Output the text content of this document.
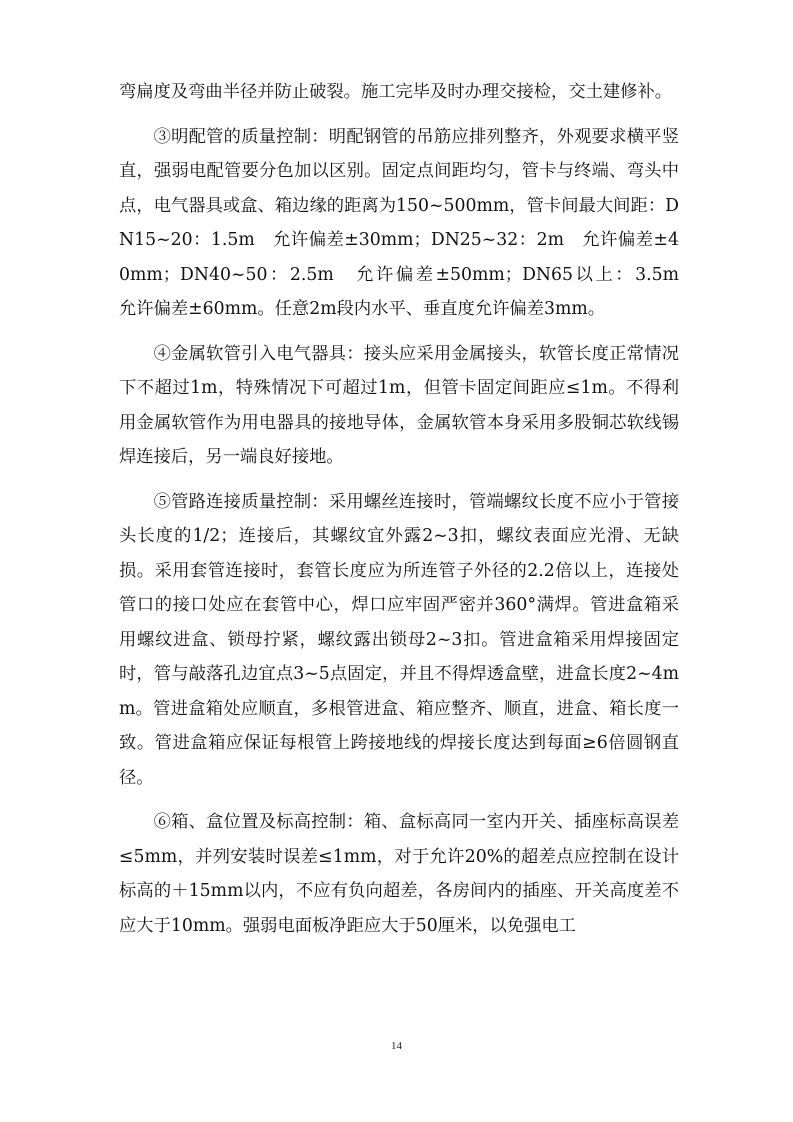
弯扁度及弯曲半径并防止破裂。施工完毕及时办理交接检，交土建修补。

③明配管的质量控制：明配钢管的吊筋应排列整齐，外观要求横平竖直，强弱电配管要分色加以区别。固定点间距均匀，管卡与终端、弯头中点，电气器具或盒、箱边缘的距离为150~500mm，管卡间最大间距：DN15~20：1.5m　允许偏差±30mm；DN25~32：2m　允许偏差±40mm；DN40~50：2.5m　允许偏差±50mm；DN65以上：3.5m　允许偏差±60mm。任意2m段内水平、垂直度允许偏差3mm。

④金属软管引入电气器具：接头应采用金属接头，软管长度正常情况下不超过1m，特殊情况下可超过1m，但管卡固定间距应≤1m。不得利用金属软管作为用电器具的接地导体，金属软管本身采用多股铜芯软线锡焊连接后，另一端良好接地。

⑤管路连接质量控制：采用螺丝连接时，管端螺纹长度不应小于管接头长度的1/2；连接后，其螺纹宜外露2~3扣，螺纹表面应光滑、无缺损。采用套管连接时，套管长度应为所连管子外径的2.2倍以上，连接处管口的接口处应在套管中心，焊口应牢固严密并360°满焊。管进盒箱采用螺纹进盒、锁母拧紧，螺纹露出锁母2~3扣。管进盒箱采用焊接固定时，管与敲落孔边宜点3~5点固定，并且不得焊透盒壁，进盒长度2~4mm。管进盒箱处应顺直，多根管进盒、箱应整齐、顺直，进盒、箱长度一致。管进盒箱应保证每根管上跨接地线的焊接长度达到每面≥6倍圆钢直径。

⑥箱、盒位置及标高控制：箱、盒标高同一室内开关、插座标高误差≤5mm，并列安装时误差≤1mm，对于允许20%的超差点应控制在设计标高的＋15mm以内，不应有负向超差，各房间内的插座、开关高度差不应大于10mm。强弱电面板净距应大于50厘米，以免强电工

14
